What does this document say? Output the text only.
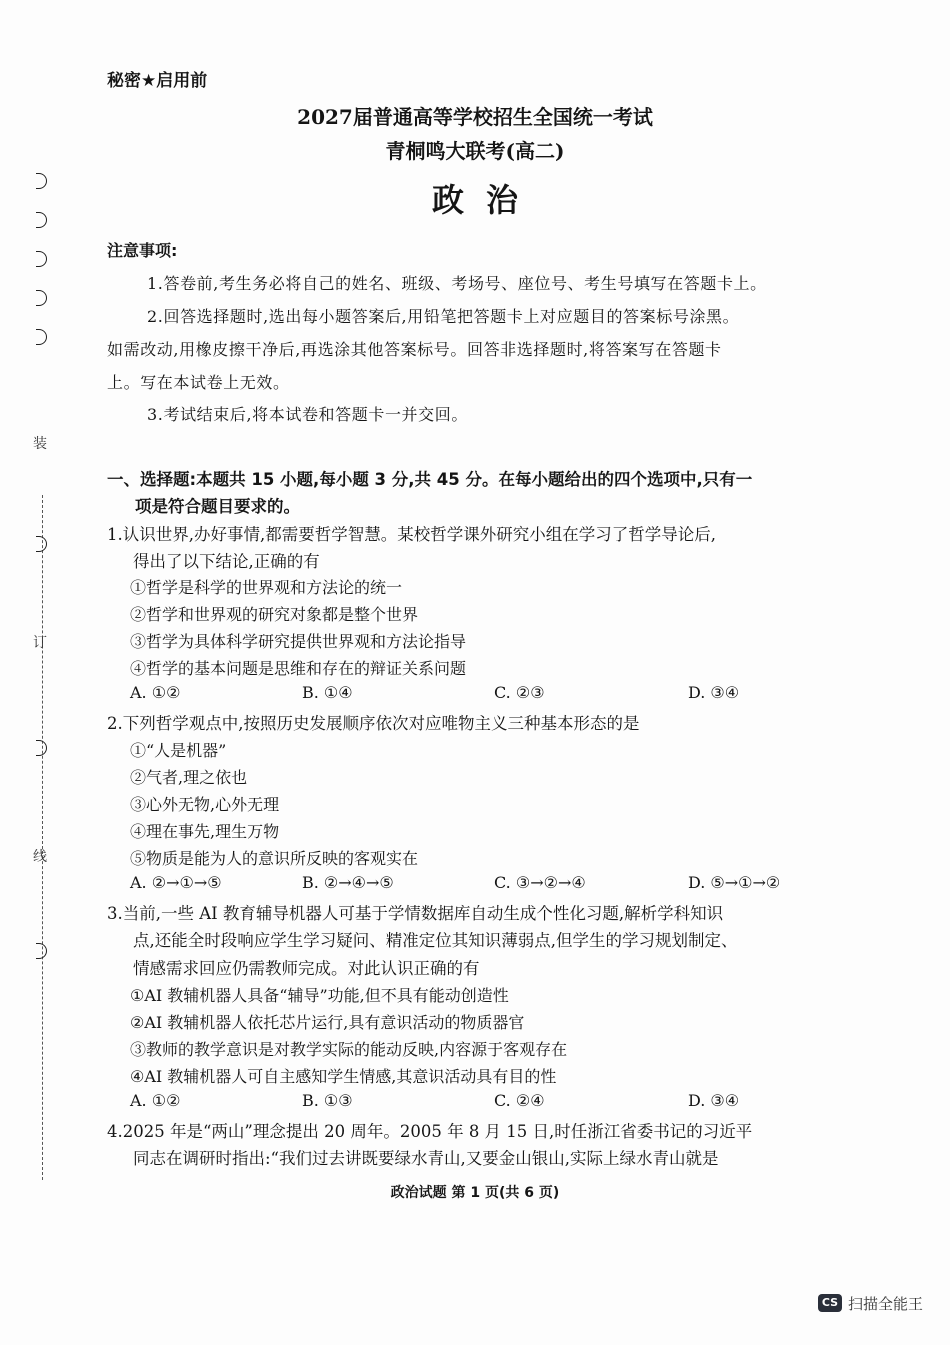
装
订
线
秘密★启用前
2027届普通高等学校招生全国统一考试
青桐鸣大联考(高二)
政治
注意事项:
1.答卷前,考生务必将自己的姓名、班级、考场号、座位号、考生号填写在答题卡上。
2.回答选择题时,选出每小题答案后,用铅笔把答题卡上对应题目的答案标号涂黑。
如需改动,用橡皮擦干净后,再选涂其他答案标号。回答非选择题时,将答案写在答题卡
上。写在本试卷上无效。
3.考试结束后,将本试卷和答题卡一并交回。
一、选择题:本题共 15 小题,每小题 3 分,共 45 分。在每小题给出的四个选项中,只有一
项是符合题目要求的。
1.认识世界,办好事情,都需要哲学智慧。某校哲学课外研究小组在学习了哲学导论后,
得出了以下结论,正确的有
①哲学是科学的世界观和方法论的统一
②哲学和世界观的研究对象都是整个世界
③哲学为具体科学研究提供世界观和方法论指导
④哲学的基本问题是思维和存在的辩证关系问题
A. ①②	B. ①④	C. ②③	D. ③④
2.下列哲学观点中,按照历史发展顺序依次对应唯物主义三种基本形态的是
①“人是机器”
②气者,理之依也
③心外无物,心外无理
④理在事先,理生万物
⑤物质是能为人的意识所反映的客观实在
A. ②→①→⑤	B. ②→④→⑤	C. ③→②→④	D. ⑤→①→②
3.当前,一些 AI 教育辅导机器人可基于学情数据库自动生成个性化习题,解析学科知识
点,还能全时段响应学生学习疑问、精准定位其知识薄弱点,但学生的学习规划制定、
情感需求回应仍需教师完成。对此认识正确的有
①AI 教辅机器人具备“辅导”功能,但不具有能动创造性
②AI 教辅机器人依托芯片运行,具有意识活动的物质器官
③教师的教学意识是对教学实际的能动反映,内容源于客观存在
④AI 教辅机器人可自主感知学生情感,其意识活动具有目的性
A. ①②	B. ①③	C. ②④	D. ③④
4.2025 年是“两山”理念提出 20 周年。2005 年 8 月 15 日,时任浙江省委书记的习近平
同志在调研时指出:“我们过去讲既要绿水青山,又要金山银山,实际上绿水青山就是
政治试题 第 1 页(共 6 页)
CS 扫描全能王
